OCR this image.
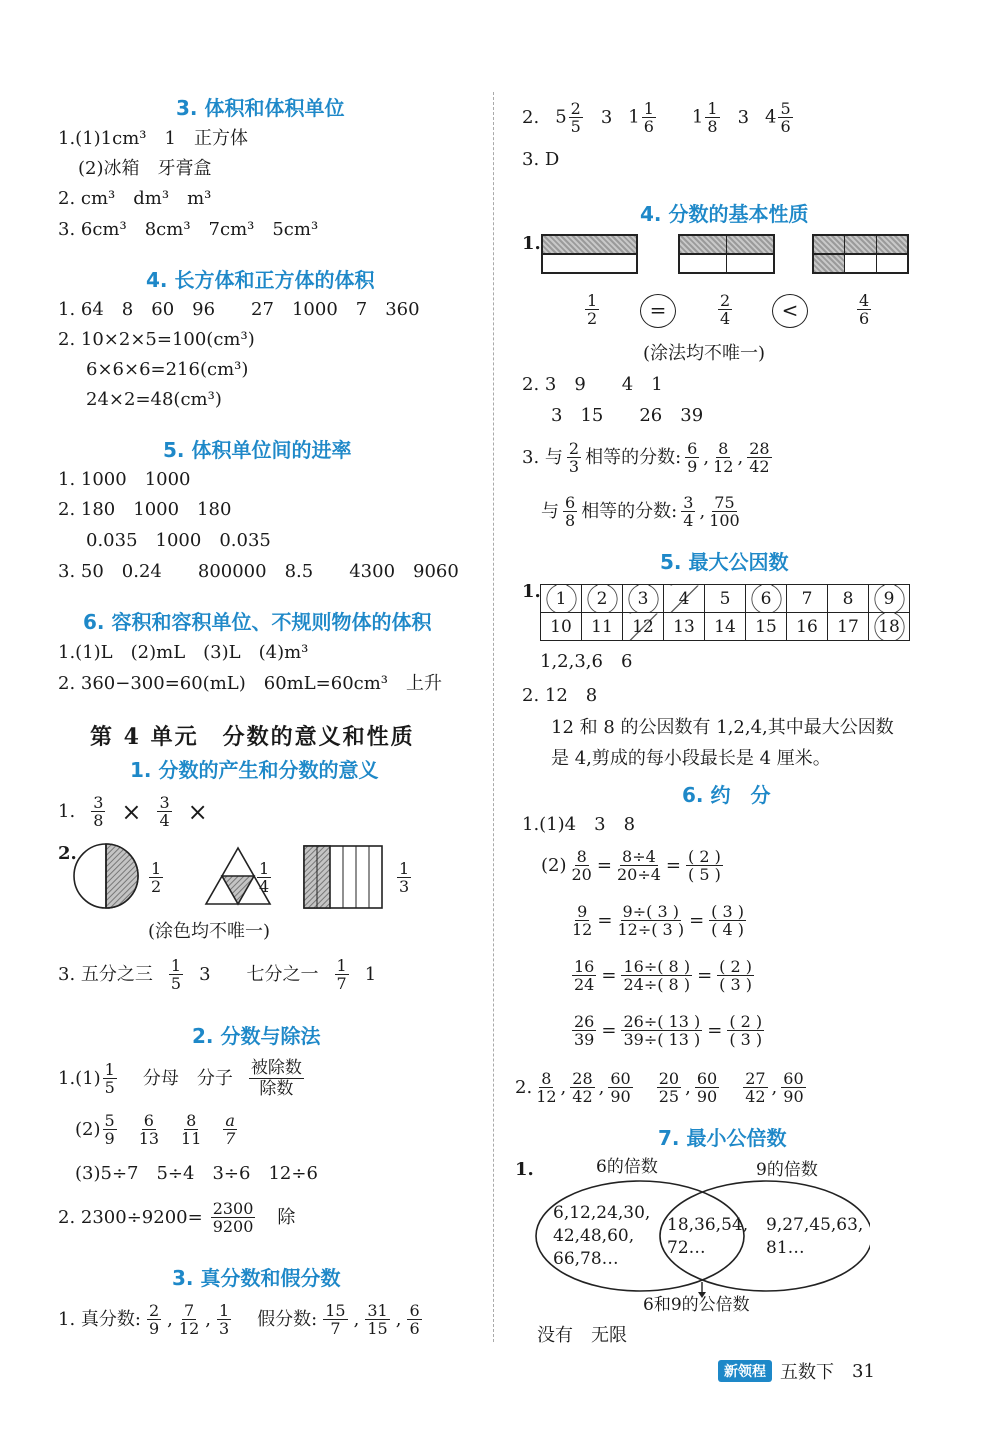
3. 体积和体积单位
1.(1)1cm³　1　正方体
(2)冰箱　牙膏盒
2. cm³　dm³　m³
3. 6cm³　8cm³　7cm³　5cm³
4. 长方体和正方体的体积
1. 64　8　60　96　　27　1000　7　360
2. 10×2×5=100(cm³)
6×6×6=216(cm³)
24×2=48(cm³)
5. 体积单位间的进率
1. 1000　1000
2. 180　1000　180
0.035　1000　0.035
3. 50　0.24　　800000　8.5　　4300　9060
6. 容积和容积单位、不规则物体的体积
1.(1)L　(2)mL　(3)L　(4)m³
2. 360−300=60(mL)　60mL=60cm³　上升
第 4 单元　分数的意义和性质
1. 分数的产生和分数的意义
1. $\frac{3}{8} \times \frac{3}{4}$ ×
2.
1
2
1
4
1
3
(涂色均不唯一)
3. 五分之三 1
5 3 七分之一 1
7 1
2. 分数与除法
1.(1) 1
5 分母　分子 被除数
除数
(2) 5
9
6
13
8
11
a
7
(3)5÷7　5÷4　3÷6　12÷6
2. $2300\div 9200= \frac{2300}{9200}$ 除
3. 真分数和假分数
1. 真分数: 2
9 , 7
12 , 1
3 假分数: 15
7 , 31
15 , 6
6
2. $5 \frac{2}{5} 3$ $1 \frac{1}{6} 1 \frac{1}{8} 3$ $4 \frac{5}{6}$
3. D
4. 分数的基本性质
1.
1
2	=	2
4	<	4
6
(涂法均不唯一)
2. 3　9　　4　1
3　15　　26　39
3. 与 2
3 相等的分数: 6
9 , 8
12 , 28
42
与 6
8 相等的分数: 3
4 , 75
100
5. 最大公因数
1. 1	2	3	4	5	6	7	8	9
10	11	12	13	14	15	16	17	18
1,2,3,6　6
2. 12　8
12 和 8 的公因数有 1,2,4,其中最大公因数
是 4,剪成的每小段最长是 4 厘米。
6. 约　分
1.(1)4　3　8
(2) 8
20 = 8÷4
20÷4 = ( 2 )
( 5 )
9
12 = 9÷( 3 )
12÷( 3 ) = ( 3 )
( 4 )
16
24 = 16÷( 8 )
24÷( 8 ) = ( 2 )
( 3 )
26
39 = 26÷( 13 )
39÷( 13 ) = ( 2 )
( 3 )
2. 8
12 , 28
42 , 60
90
20
25 , 60
90
27
42 , 60
90
7. 最小公倍数
1.	6的倍数	9的倍数
6,12,24,30,
42,48,60,
66,78…
18,36,54,
72…
9,27,45,63,
81…
6和9的公倍数
没有　无限
新领程 五数下 31
